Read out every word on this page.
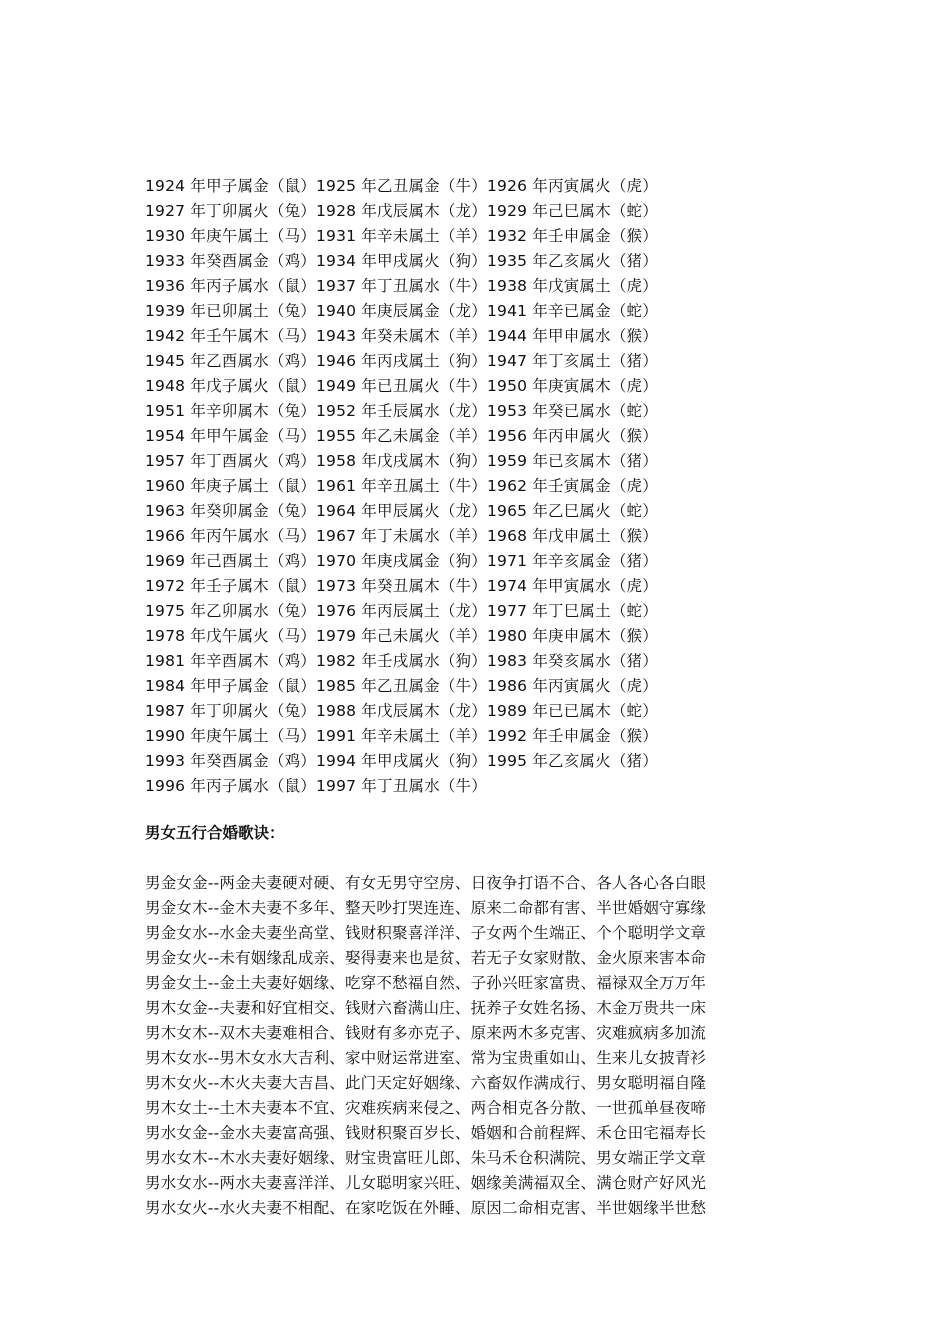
1924 年甲子属金（鼠）1925 年乙丑属金（牛）1926 年丙寅属火（虎）
1927 年丁卯属火（兔）1928 年戊辰属木（龙）1929 年己巳属木（蛇）
1930 年庚午属土（马）1931 年辛未属土（羊）1932 年壬申属金（猴）
1933 年癸酉属金（鸡）1934 年甲戌属火（狗）1935 年乙亥属火（猪）
1936 年丙子属水（鼠）1937 年丁丑属水（牛）1938 年戊寅属土（虎）
1939 年已卯属土（兔）1940 年庚辰属金（龙）1941 年辛已属金（蛇）
1942 年壬午属木（马）1943 年癸未属木（羊）1944 年甲申属水（猴）
1945 年乙酉属水（鸡）1946 年丙戌属土（狗）1947 年丁亥属土（猪）
1948 年戊子属火（鼠）1949 年已丑属火（牛）1950 年庚寅属木（虎）
1951 年辛卯属木（兔）1952 年壬辰属水（龙）1953 年癸已属水（蛇）
1954 年甲午属金（马）1955 年乙未属金（羊）1956 年丙申属火（猴）
1957 年丁酉属火（鸡）1958 年戊戌属木（狗）1959 年已亥属木（猪）
1960 年庚子属土（鼠）1961 年辛丑属土（牛）1962 年壬寅属金（虎）
1963 年癸卯属金（兔）1964 年甲辰属火（龙）1965 年乙巳属火（蛇）
1966 年丙午属水（马）1967 年丁未属水（羊）1968 年戊申属土（猴）
1969 年己酉属土（鸡）1970 年庚戌属金（狗）1971 年辛亥属金（猪）
1972 年壬子属木（鼠）1973 年癸丑属木（牛）1974 年甲寅属水（虎）
1975 年乙卯属水（兔）1976 年丙辰属土（龙）1977 年丁巳属土（蛇）
1978 年戊午属火（马）1979 年己未属火（羊）1980 年庚申属木（猴）
1981 年辛酉属木（鸡）1982 年壬戌属水（狗）1983 年癸亥属水（猪）
1984 年甲子属金（鼠）1985 年乙丑属金（牛）1986 年丙寅属火（虎）
1987 年丁卯属火（兔）1988 年戊辰属木（龙）1989 年已已属木（蛇）
1990 年庚午属土（马）1991 年辛未属土（羊）1992 年壬申属金（猴）
1993 年癸酉属金（鸡）1994 年甲戌属火（狗）1995 年乙亥属火（猪）
1996 年丙子属水（鼠）1997 年丁丑属水（牛）
男女五行合婚歌诀：
男金女金--两金夫妻硬对硬、有女无男守空房、日夜争打语不合、各人各心各白眼
男金女木--金木夫妻不多年、整天吵打哭连连、原来二命都有害、半世婚姻守寡缘
男金女水--水金夫妻坐高堂、钱财积聚喜洋洋、子女两个生端正、个个聪明学文章
男金女火--未有姻缘乱成亲、娶得妻来也是贫、若无子女家财散、金火原来害本命
男金女土--金土夫妻好姻缘、吃穿不愁福自然、子孙兴旺家富贵、福禄双全万万年
男木女金--夫妻和好宜相交、钱财六畜满山庄、抚养子女姓名扬、木金万贵共一床
男木女木--双木夫妻难相合、钱财有多亦克子、原来两木多克害、灾难疯病多加流
男木女水--男木女水大吉利、家中财运常进室、常为宝贵重如山、生来儿女披青衫
男木女火--木火夫妻大吉昌、此门天定好姻缘、六畜奴作满成行、男女聪明福自隆
男木女土--土木夫妻本不宜、灾难疾病来侵之、两合相克各分散、一世孤单昼夜啼
男水女金--金水夫妻富高强、钱财积聚百岁长、婚姻和合前程辉、禾仓田宅福寿长
男水女木--木水夫妻好姻缘、财宝贵富旺儿郎、朱马禾仓积满院、男女端正学文章
男水女水--两水夫妻喜洋洋、儿女聪明家兴旺、姻缘美满福双全、满仓财产好风光
男水女火--水火夫妻不相配、在家吃饭在外睡、原因二命相克害、半世姻缘半世愁
